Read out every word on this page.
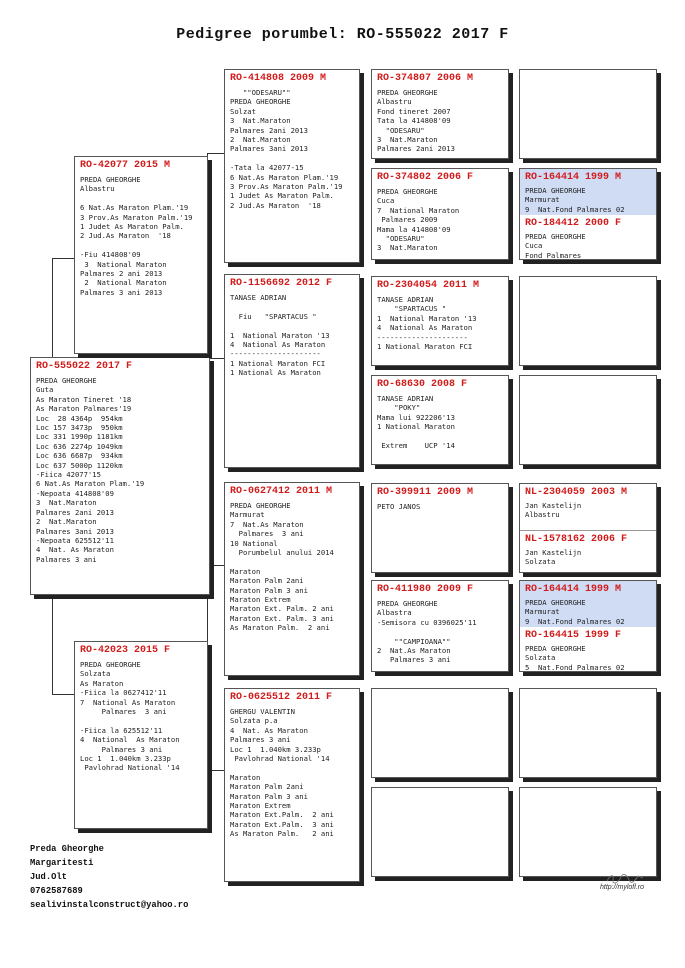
Pedigree porumbel: RO-555022 2017 F
RO-555022 2017 F
PREDA GHEORGHE
Guta
As Maraton Tineret '18
As Maraton Palmares'19
Loc  28 4364p  954km
Loc 157 3473p  950km
Loc 331 1990p 1181km
Loc 636 2274p 1049km
Loc 636 6687p  934km
Loc 637 5000p 1120km
-Fiica 42077'15
6 Nat.As Maraton Plam.'19
-Nepoata 414808'09
3  Nat.Maraton
Palmares 2ani 2013
2  Nat.Maraton
Palmares 3ani 2013
-Nepoata 625512'11
4  Nat. As Maraton
Palmares 3 ani
RO-42077 2015 M
PREDA GHEORGHE
Albastru

6 Nat.As Maraton Plam.'19
3 Prov.As Maraton Palm.'19
1 Judet As Maraton Palm.
2 Jud.As Maraton  '18

-Fiu 414808'09
3  National Maraton
Palmares 2 ani 2013
2  National Maraton
Palmares 3 ani 2013
RO-42023 2015 F
PREDA GHEORGHE
Solzata
As Maraton
-Fiica la 0627412'11
7  National As Maraton
Palmares  3 ani

-Fiica la 625512'11
4  National  As Maraton
Palmares 3 ani
Loc 1  1.040km 3.233p
Pavlohrad National '14
RO-414808 2009 M
""ODESARU""
PREDA GHEORGHE
Solzat
3  Nat.Maraton
Palmares 2ani 2013
2  Nat.Maraton
Palmares 3ani 2013

-Tata la 42077-15
6 Nat.As Maraton Plam.'19
3 Prov.As Maraton Palm.'19
1 Judet As Maraton Palm.
2 Jud.As Maraton  '18
RO-1156692 2012 F
TANASE ADRIAN

Fiu   "SPARTACUS "

1  National Maraton '13
4  National As Maraton
---------------------
1 National Maraton FCI
1 National As Maraton
RO-0627412 2011 M
PREDA GHEORGHE
Marmurat
7  Nat.As Maraton
Palmares  3 ani
10 National
Porumbelul anului 2014

Maraton
Maraton Palm 2ani
Maraton Palm 3 ani
Maraton Extrem
Maraton Ext. Palm. 2 ani
Maraton Ext. Palm. 3 ani
As Maraton Palm.  2 ani
RO-0625512 2011 F
GHERGU VALENTIN
Solzata p.a
4  Nat. As Maraton
Palmares 3 ani
Loc 1  1.040km 3.233p
Pavlohrad National '14

Maraton
Maraton Palm 2ani
Maraton Palm 3 ani
Maraton Extrem
Maraton Ext.Palm.  2 ani
Maraton Ext.Palm.  3 ani
As Maraton Palm.   2 ani
RO-374807 2006 M
PREDA GHEORGHE
Albastru
Fond tineret 2007
Tata la 414808'09
"ODESARU"
3  Nat.Maraton
Palmares 2ani 2013
RO-374802 2006 F
PREDA GHEORGHE
Cuca
7  National Maraton
Palmares 2009
Mama la 414808'09
"ODESARU"
3  Nat.Maraton
RO-2304054 2011 M
TANASE ADRIAN
"SPARTACUS "
1  National Maraton '13
4  National As Maraton
---------------------
1 National Maraton FCI
RO-68630 2008 F
TANASE ADRIAN
"POKY"
Mama lui 922206'13
1 National Maraton

Extrem    UCP '14
RO-399911 2009 M
PETO JANOS
RO-411980 2009 F
PREDA GHEORGHE
Albastra
-Semisora cu 0396025'11

""CAMPIOANA""
2  Nat.As Maraton
Palmares 3 ani
RO-164414 1999 M
PREDA GHEORGHE
Marmurat
9  Nat.Fond Palmares 02
RO-184412 2000 F
PREDA GHEORGHE
Cuca
Fond Palmares
NL-2304059 2003 M
Jan Kastelijn
Albastru
NL-1578162 2006 F
Jan Kastelijn
Solzata
RO-164414 1999 M
PREDA GHEORGHE
Marmurat
9  Nat.Fond Palmares 02
RO-164415 1999 F
PREDA GHEORGHE
Solzata
5  Nat.Fond Palmares 02
Preda Gheorghe
Margaritesti
Jud.Olt
0762587689
sealivinstalconstruct@yahoo.ro
http://mylofl.ro
